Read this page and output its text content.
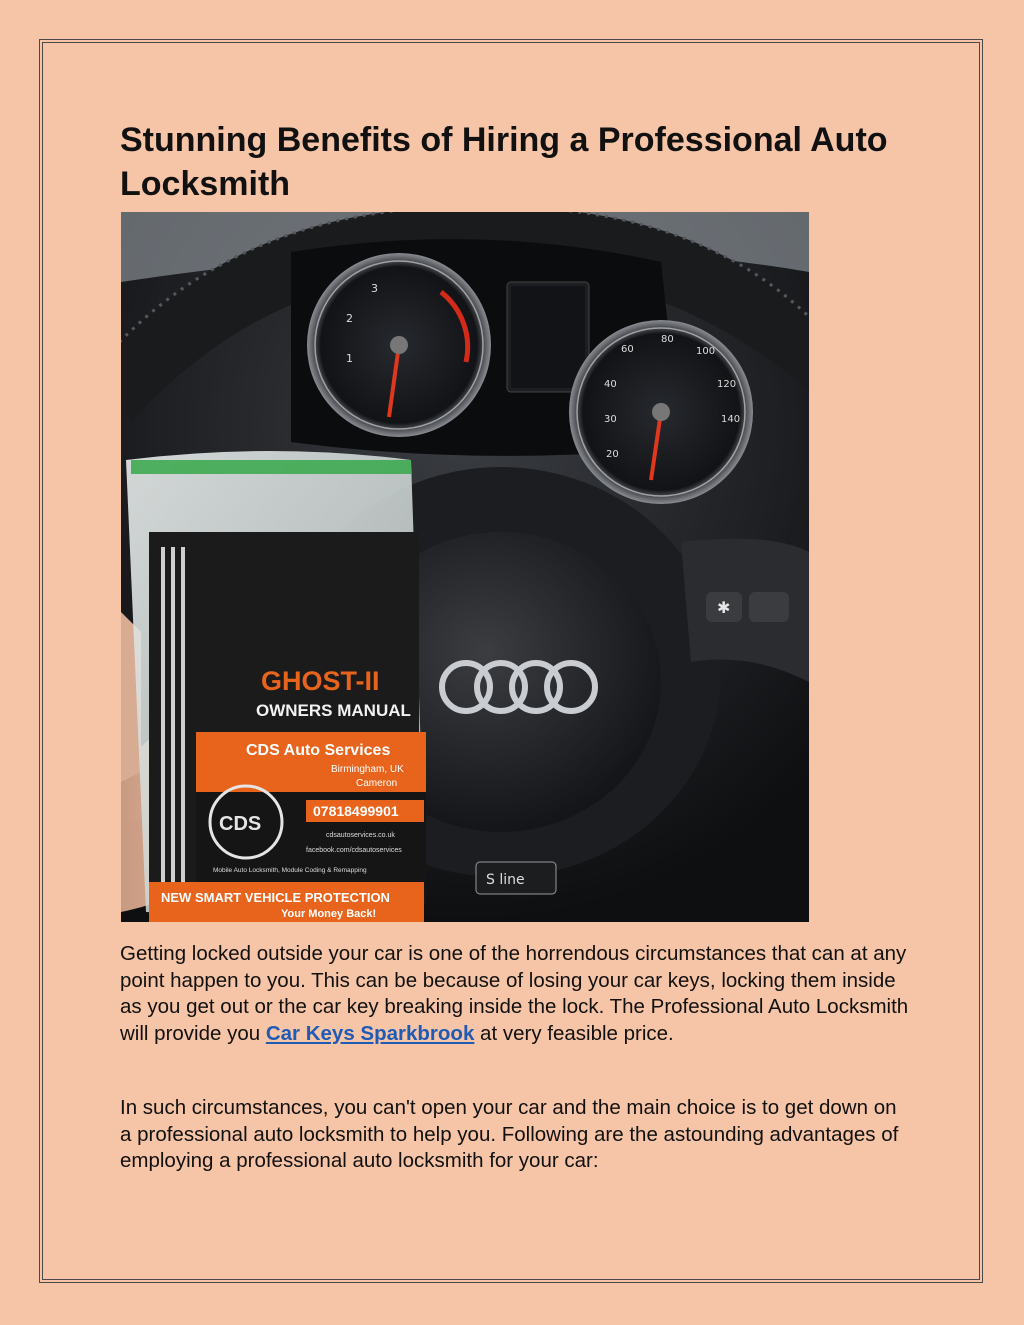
Stunning Benefits of Hiring a Professional Auto Locksmith
2
1
3
60
80
100
40	120
30	140
20
✱
S line
GHOST-II
OWNERS MANUAL
CDS Auto Services
Birmingham, UK
Cameron
07818499901
CDS
cdsautoservices.co.uk
facebook.com/cdsautoservices
Mobile Auto Locksmith, Module Coding & Remapping
NEW SMART VEHICLE PROTECTION
Your Money Back!

Getting locked outside your car is one of the horrendous circumstances that can at any point happen to you. This can be because of losing your car keys, locking them inside as you get out or the car key breaking inside the lock. The Professional Auto Locksmith will provide you Car Keys Sparkbrook at very feasible price.

In such circumstances, you can't open your car and the main choice is to get down on a professional auto locksmith to help you. Following are the astounding advantages of employing a professional auto locksmith for your car:
